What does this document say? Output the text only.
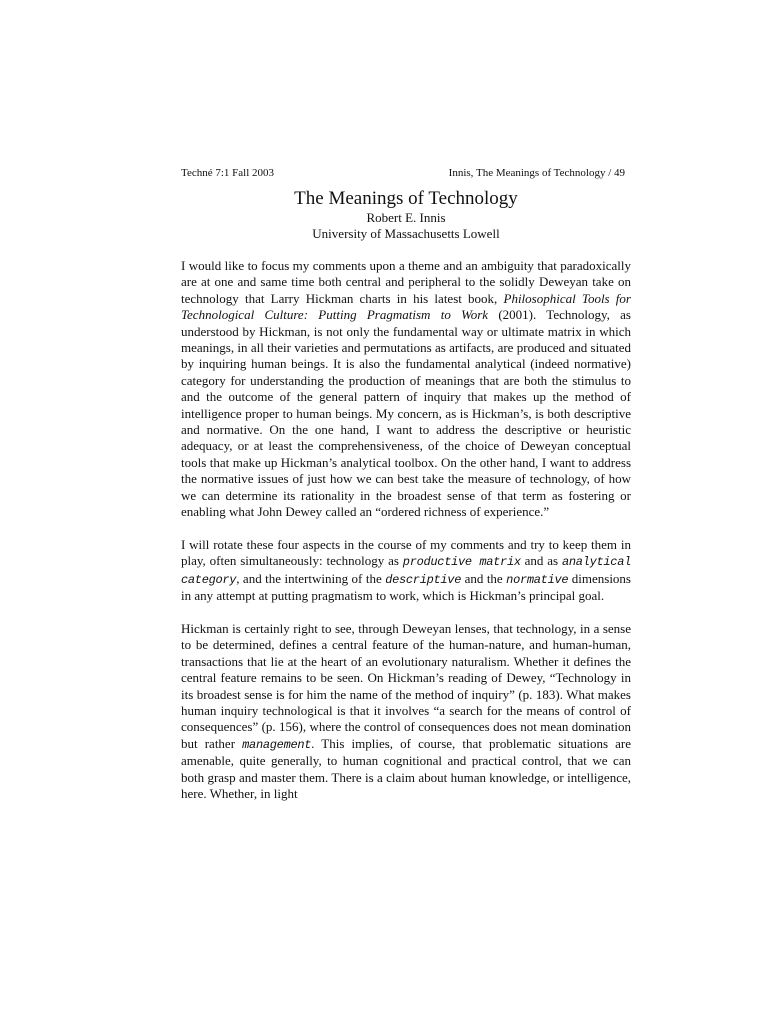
Techné 7:1 Fall 2003	Innis, The Meanings of Technology / 49
The Meanings of Technology

Robert E. Innis

University of Massachusetts Lowell

I would like to focus my comments upon a theme and an ambiguity that paradoxically are at one and same time both central and peripheral to the solidly Deweyan take on technology that Larry Hickman charts in his latest book, Philosophical Tools for Technological Culture: Putting Pragmatism to Work (2001). Technology, as understood by Hickman, is not only the fundamental way or ultimate matrix in which meanings, in all their varieties and permutations as artifacts, are produced and situated by inquiring human beings. It is also the fundamental analytical (indeed normative) category for understanding the production of meanings that are both the stimulus to and the outcome of the general pattern of inquiry that makes up the method of intelligence proper to human beings. My concern, as is Hickman’s, is both descriptive and normative. On the one hand, I want to address the descriptive or heuristic adequacy, or at least the comprehensiveness, of the choice of Deweyan conceptual tools that make up Hickman’s analytical toolbox. On the other hand, I want to address the normative issues of just how we can best take the measure of technology, of how we can determine its rationality in the broadest sense of that term as fostering or enabling what John Dewey called an “ordered richness of experience.”

I will rotate these four aspects in the course of my comments and try to keep them in play, often simultaneously: technology as productive matrix and as analytical category, and the intertwining of the descriptive and the normative dimensions in any attempt at putting pragmatism to work, which is Hickman’s principal goal.

Hickman is certainly right to see, through Deweyan lenses, that technology, in a sense to be determined, defines a central feature of the human-nature, and human-human, transactions that lie at the heart of an evolutionary naturalism. Whether it defines the central feature remains to be seen. On Hickman’s reading of Dewey, “Technology in its broadest sense is for him the name of the method of inquiry” (p. 183). What makes human inquiry technological is that it involves “a search for the means of control of consequences” (p. 156), where the control of consequences does not mean domination but rather management. This implies, of course, that problematic situations are amenable, quite generally, to human cognitional and practical control, that we can both grasp and master them. There is a claim about human knowledge, or intelligence, here. Whether, in light
